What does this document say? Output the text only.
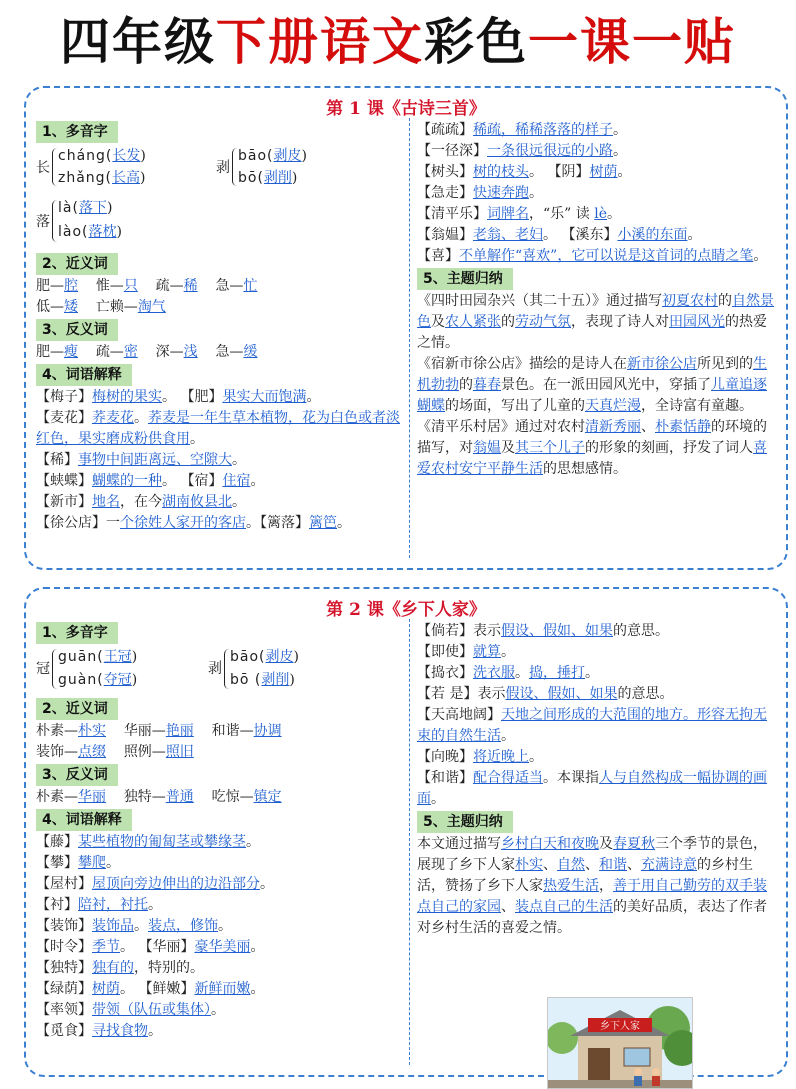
四年级下册语文彩色一课一贴
第 1 课《古诗三首》
1、多音字
长
cháng(长发)
zhǎng(长高)
剥
bāo(剥皮)
bō(剥削)
落
là(落下)
lào(落枕)
2、近义词
肥—腔 惟—只 疏—稀 急—忙
低—矮 亡赖—淘气
3、反义词
肥—瘦 疏—密 深—浅 急—缓
4、词语解释
【梅子】梅树的果实。 【肥】果实大而饱满。
【麦花】荞麦花。荞麦是一年生草本植物，花为白色或者淡红色，果实磨成粉供食用。
【稀】事物中间距离远、空隙大。
【蛱蝶】蝴蝶的一种。 【宿】住宿。
【新市】地名，在今湖南攸县北。
【徐公店】一个徐姓人家开的客店。【篱落】篱笆。
【疏疏】稀疏，稀稀落落的样子。
【一径深】一条很远很远的小路。
【树头】树的枝头。 【阴】树荫。
【急走】快速奔跑。
【清平乐】词牌名，“乐” 读 lè。
【翁媪】老翁、老妇。 【溪东】小溪的东面。
【喜】不单解作“喜欢”，它可以说是这首词的点睛之笔。
5、主题归纳
《四时田园杂兴（其二十五）》通过描写初夏农村的自然景色及农人紧张的劳动气氛，表现了诗人对田园风光的热爱之情。
《宿新市徐公店》描绘的是诗人在新市徐公店所见到的生机勃勃的暮春景色。在一派田园风光中，穿插了儿童追逐蝴蝶的场面，写出了儿童的天真烂漫，全诗富有童趣。
《清平乐村居》通过对农村清新秀丽、朴素恬静的环境的描写，对翁媪及其三个儿子的形象的刻画，抒发了词人喜爱农村安宁平静生活的思想感情。
第 2 课《乡下人家》
1、多音字
冠
guān(王冠)
guàn(夺冠)
剥
bāo(剥皮)
bō (剥削)
2、近义词
朴素—朴实 华丽—艳丽 和谐—协调
装饰—点缀 照例—照旧
3、反义词
朴素—华丽 独特—普通 吃惊—镇定
4、词语解释
【藤】某些植物的匍匐茎或攀缘茎。
【攀】攀爬。
【屋村】屋顶向旁边伸出的边沿部分。
【衬】陪衬，衬托。
【装饰】装饰品。装点，修饰。
【时令】季节。 【华丽】豪华美丽。
【独特】独有的，特别的。
【绿荫】树荫。 【鲜嫩】新鲜而嫩。
【率领】带领（队伍或集体）。
【觅食】寻找食物。
【倘若】表示假设、假如、如果的意思。
【即使】就算。
【捣衣】洗衣服。捣，捶打。
【若 是】表示假设、假如、如果的意思。
【天高地阔】天地之间形成的大范围的地方。形容无拘无束的自然生活。
【向晚】将近晚上。
【和谐】配合得适当。本课指人与自然构成一幅协调的画面。
5、主题归纳
本文通过描写乡村白天和夜晚及春夏秋三个季节的景色，展现了乡下人家朴实、自然、和谐、充满诗意的乡村生活，赞扬了乡下人家热爱生活，善于用自己勤劳的双手装点自己的家园、装点自己的生活的美好品质，表达了作者对乡村生活的喜爱之情。
乡下人家
